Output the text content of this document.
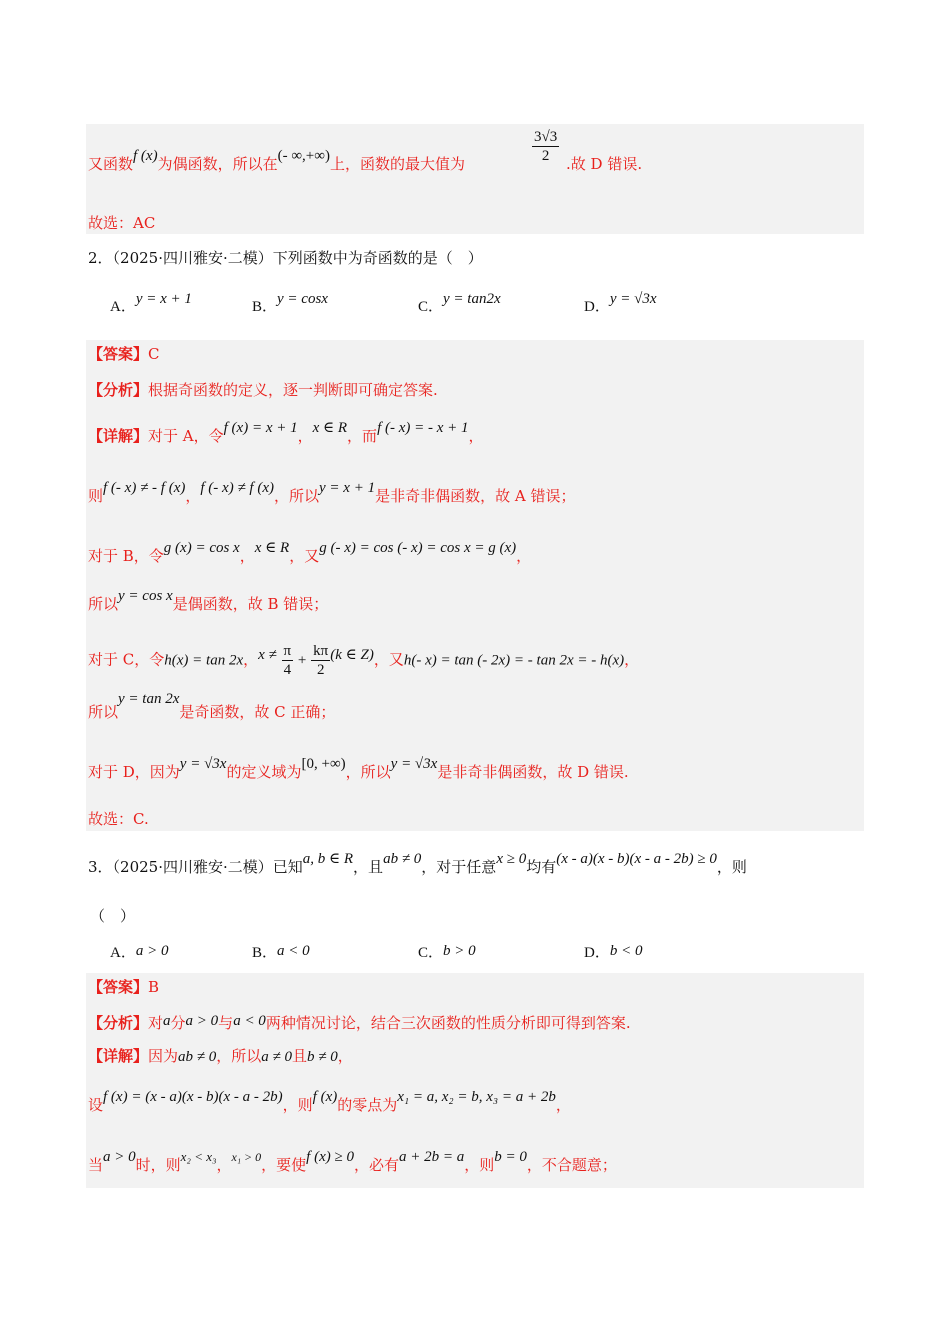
又函数f (x)为偶函数，所以在(- ∞,+∞)上，函数的最大值为	$\frac{3√3}{2}$ .故 D 错误.
故选：AC
2．（2025·四川雅安·二模）下列函数中为奇函数的是（　）
A．y = x + 1	B．y = cosx	C．y = tan2x	D．y = √3x
【答案】C
【分析】根据奇函数的定义，逐一判断即可确定答案.
【详解】对于 A，令f (x) = x + 1，x ∈ R，而f (- x) = - x + 1，
则f (- x) ≠ - f (x)，f (- x) ≠ f (x)，所以y = x + 1是非奇非偶函数，故 A 错误；
对于 B，令g (x) = cos x，x ∈ R，又g (- x) = cos (- x) = cos x = g (x)，
所以y = cos x是偶函数，故 B 错误；
对于 C，令h(x) = tan 2x，$x \ne \frac{\pi}{4} + \frac{k\pi}{2} (k$ ∈ Z)，又h(- x) = tan (- 2x) = - tan 2x = - h(x)，
所以y = tan 2x是奇函数，故 C 正确；
对于 D，因为y = √3x的定义域为[0, +∞)，所以y = √3x是非奇非偶函数，故 D 错误.
故选：C.
3．（2025·四川雅安·二模）已知a, b ∈ R，且ab ≠ 0，对于任意x ≥ 0均有(x - a)(x - b)(x - a - 2b) ≥ 0，则
（　）
A．a > 0	B．a < 0	C．b > 0	D．b < 0
【答案】B
【分析】对a分a > 0与a < 0两种情况讨论，结合三次函数的性质分析即可得到答案.
【详解】因为ab ≠ 0，所以a ≠ 0且b ≠ 0，
设f (x) = (x - a)(x - b)(x - a - 2b)，则f (x)的零点为x₁ = a, x₂ = b, x₃ = a + 2b，
当a > 0时，则x₂ < x₃，$^{x_1 > 0}$，要使f (x) ≥ 0，必有a + 2b = a，则b = 0，不合题意；
